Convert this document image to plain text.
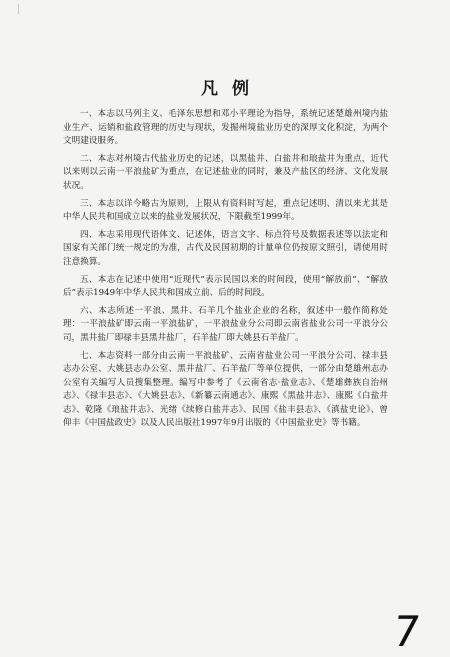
凡例

一、本志以马列主义、毛泽东思想和邓小平理论为指导，系统记述楚雄州境内盐业生产、运销和盐政管理的历史与现状，发掘州境盐业历史的深厚文化积淀，为两个文明建设服务。

二、本志对州境古代盐业历史的记述，以黑盐井、白盐井和琅盐井为重点，近代以来则以云南一平浪盐矿为重点，在记述盐业的同时，兼及产盐区的经济、文化发展状况。

三、本志以详今略古为原则，上限从有资料时写起，重点记述明、清以来尤其是中华人民共和国成立以来的盐业发展状况，下限截至1999年。

四、本志采用现代语体文、记述体，语言文字、标点符号及数据表述等以法定和国家有关部门统一规定的为准，古代及民国初期的计量单位仍按原文照引，请使用时注意换算。

五、本志在记述中使用“近现代”表示民国以来的时间段，使用“解放前”、“解放后”表示1949年中华人民共和国成立前、后的时间段。

六、本志所述一平浪、黑井、石羊几个盐业企业的名称，叙述中一般作简称处理：一平浪盐矿即云南一平浪盐矿，一平浪盐业分公司即云南省盐业公司一平浪分公司，黑井盐厂即禄丰县黑井盐厂，石羊盐厂即大姚县石羊盐厂。

七、本志资料一部分由云南一平浪盐矿、云南省盐业公司一平浪分公司、禄丰县志办公室、大姚县志办公室、黑井盐厂、石羊盐厂等单位提供，一部分由楚雄州志办公室有关编写人员搜集整理。编写中参考了《云南省志·盐业志》、《楚雄彝族自治州志》、《禄丰县志》、《大姚县志》、《新纂云南通志》、康熙《黑盐井志》、康熙《白盐井志》、乾隆《琅盐井志》、光绪《续修白盐井志》、民国《盐丰县志》、《滇盐史论》、曾仰丰《中国盐政史》以及人民出版社1997年9月出版的《中国盐业史》等书籍。

7
